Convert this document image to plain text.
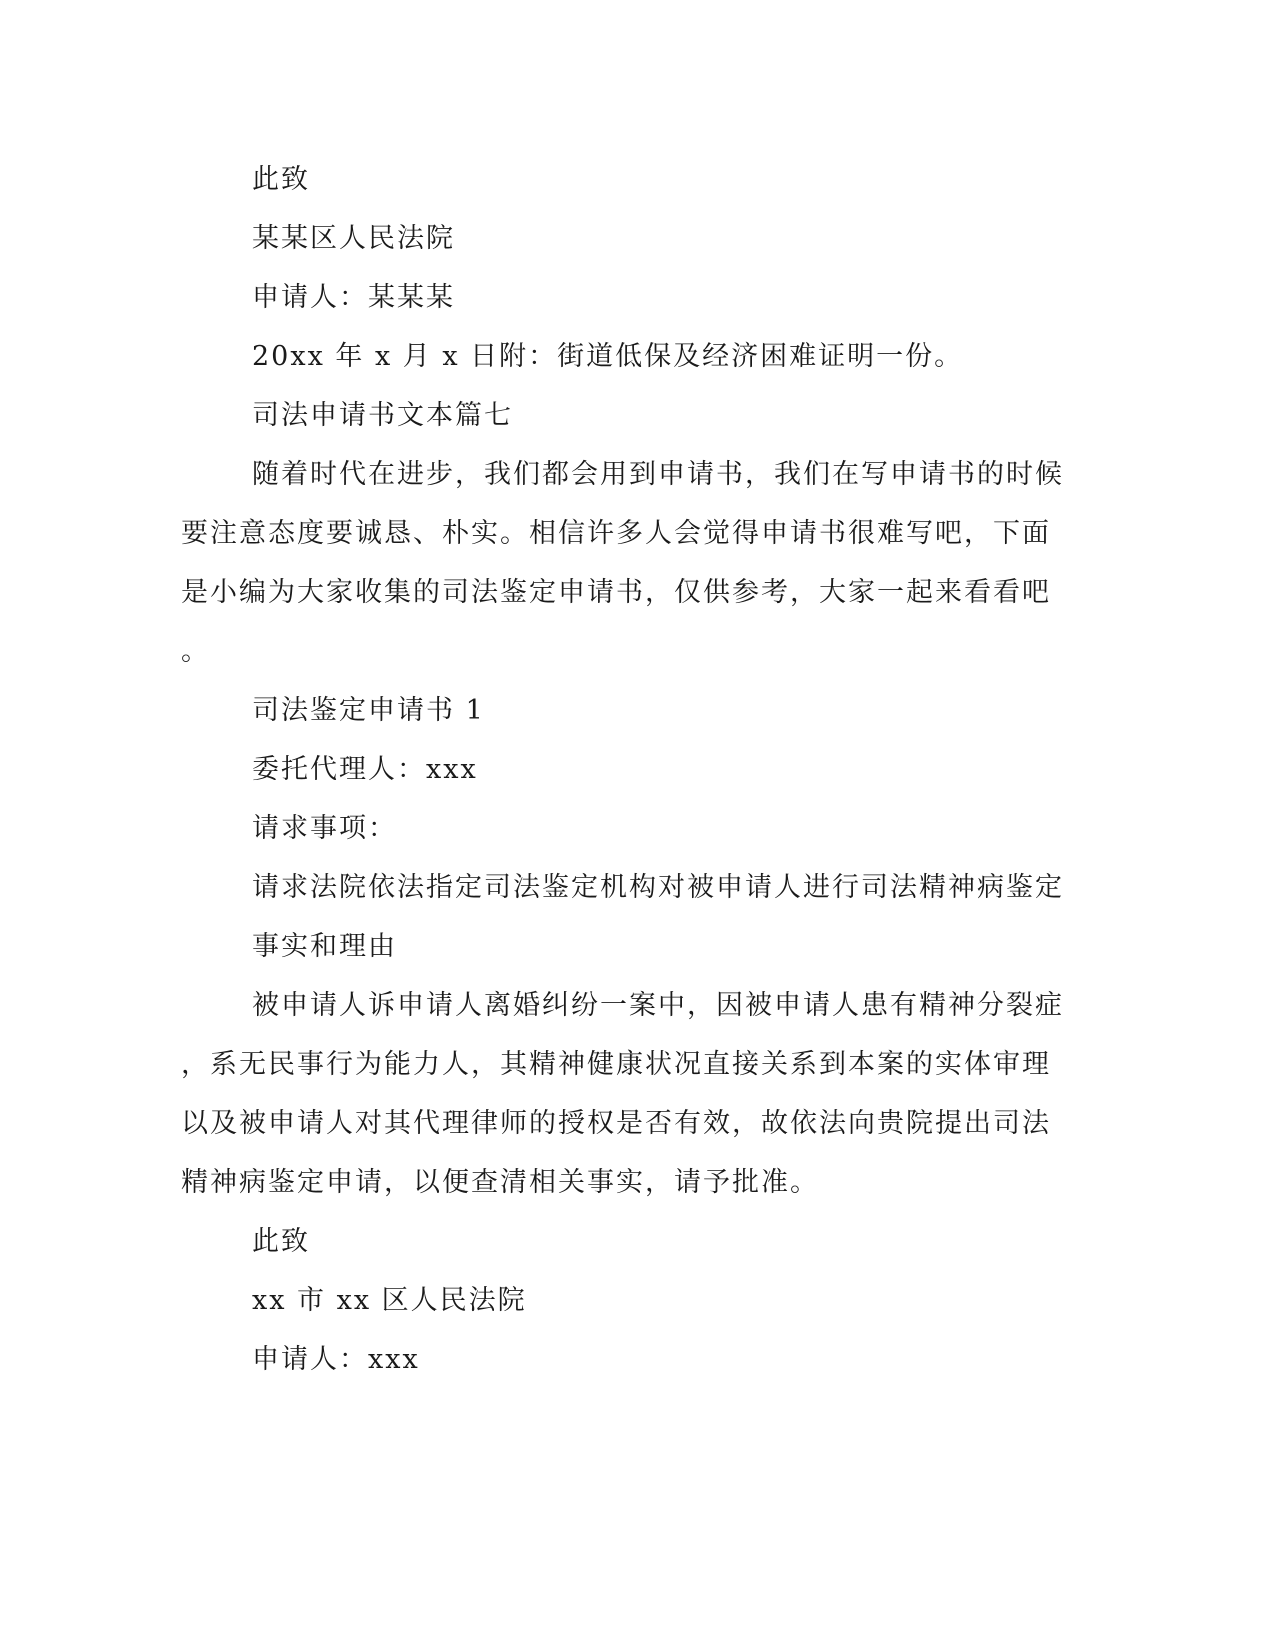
此致

某某区人民法院

申请人：某某某

20xx 年 x 月 x 日附：街道低保及经济困难证明一份。

司法申请书文本篇七

随着时代在进步，我们都会用到申请书，我们在写申请书的时候

要注意态度要诚恳、朴实。相信许多人会觉得申请书很难写吧，下面

是小编为大家收集的司法鉴定申请书，仅供参考，大家一起来看看吧

。

司法鉴定申请书 1

委托代理人：xxx

请求事项：

请求法院依法指定司法鉴定机构对被申请人进行司法精神病鉴定

事实和理由

被申请人诉申请人离婚纠纷一案中，因被申请人患有精神分裂症

，系无民事行为能力人，其精神健康状况直接关系到本案的实体审理

以及被申请人对其代理律师的授权是否有效，故依法向贵院提出司法

精神病鉴定申请，以便查清相关事实，请予批准。

此致

xx 市 xx 区人民法院

申请人：xxx
